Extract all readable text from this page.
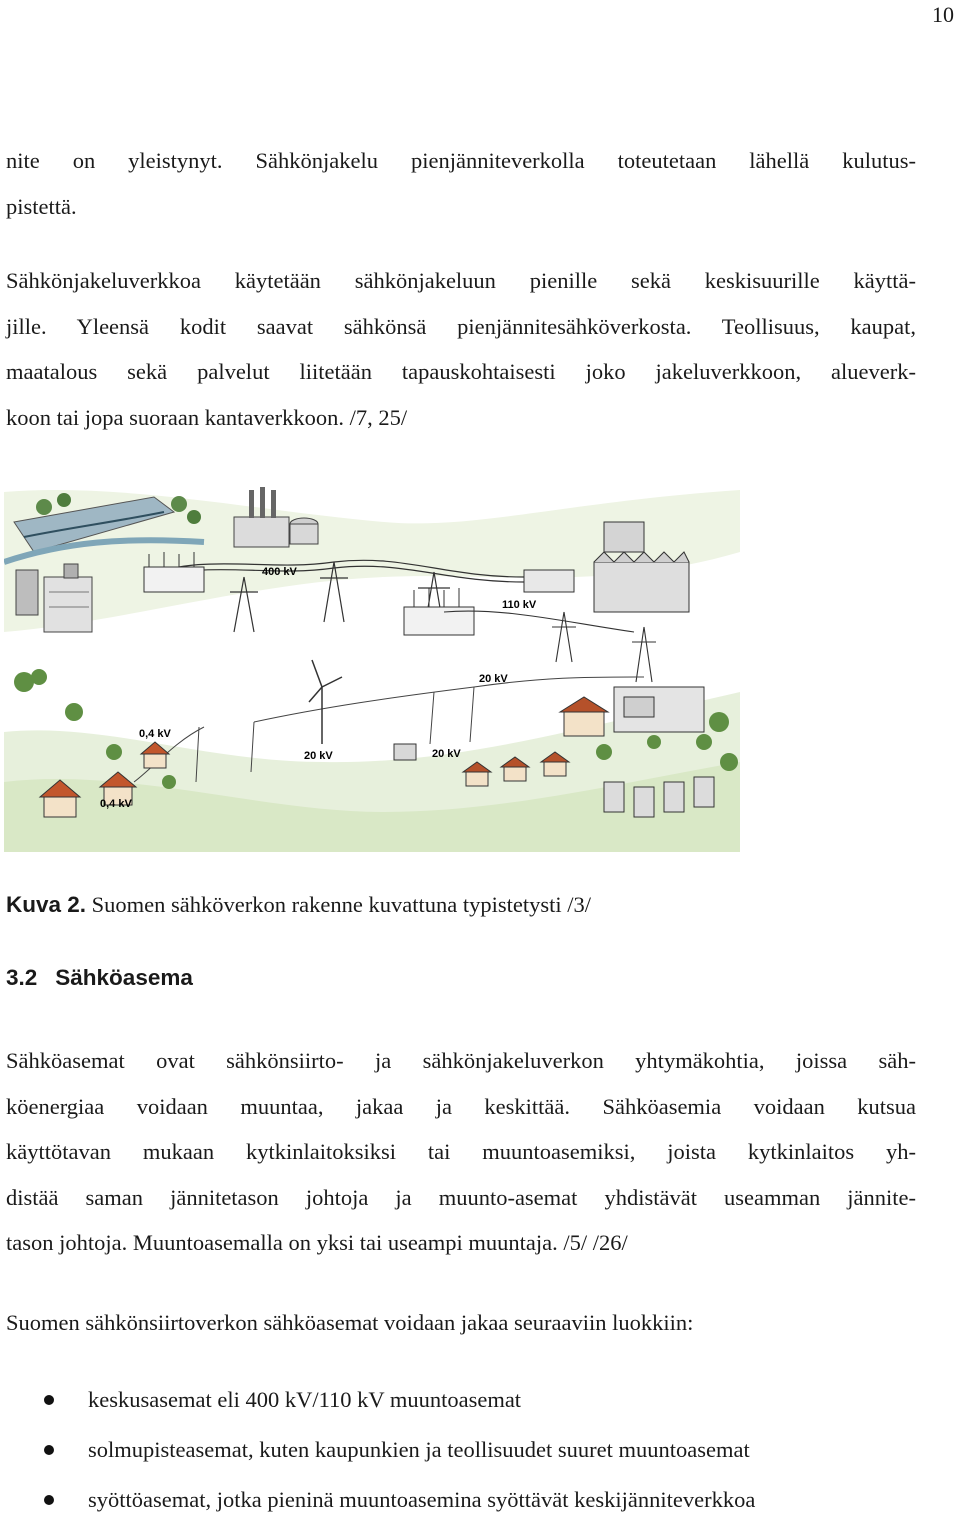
10

nite on yleistynyt. Sähkönjakelu pienjänniteverkolla toteutetaan lähellä kulutus-
pistettä.

Sähkönjakeluverkkoa käytetään sähkönjakeluun pienille sekä keskisuurille käyttä-
jille. Yleensä kodit saavat sähkönsä pienjännitesähköverkosta. Teollisuus, kaupat,
maatalous sekä palvelut liitetään tapauskohtaisesti joko jakeluverkkoon, alueverk-
koon tai jopa suoraan kantaverkkoon. /7, 25/

400 kV
110 kV
20 kV
20 kV	20 kV
0,4 kV
0,4 kV
Kuva 2. Suomen sähköverkon rakenne kuvattuna typistetysti /3/
3.2 Sähköasema

Sähköasemat ovat sähkönsiirto- ja sähkönjakeluverkon yhtymäkohtia, joissa säh-
köenergiaa voidaan muuntaa, jakaa ja keskittää. Sähköasemia voidaan kutsua
käyttötavan mukaan kytkinlaitoksiksi tai muuntoasemiksi, joista kytkinlaitos yh-
distää saman jännitetason johtoja ja muunto-asemat yhdistävät useamman jännite-
tason johtoja. Muuntoasemalla on yksi tai useampi muuntaja. /5/ /26/

Suomen sähkönsiirtoverkon sähköasemat voidaan jakaa seuraaviin luokkiin:

keskusasemat eli 400 kV/110 kV muuntoasemat
solmupisteasemat, kuten kaupunkien ja teollisuudet suuret muuntoasemat
syöttöasemat, jotka pieninä muuntoasemina syöttävät keskijänniteverkkoa
